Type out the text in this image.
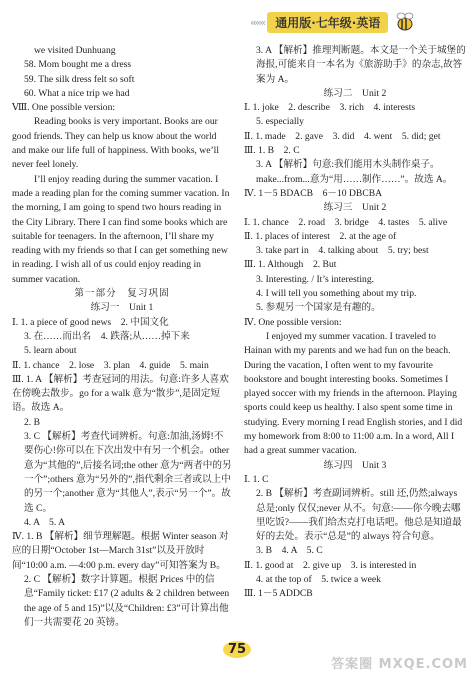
««« 通用版·七年级·英语
we visited Dunhuang
58. Mom bought me a dress
59. The silk dress felt so soft
60. What a nice trip we had
Ⅷ. One possible version:
Reading books is very important. Books are our good friends. They can help us know about the world and make our life full of happiness. With books, we’ll never feel lonely.
I’ll enjoy reading during the summer vacation. I made a reading plan for the coming summer vacation. In the morning, I am going to spend two hours reading in the City Library. There I can find some books which are suitable for teenagers. In the afternoon, I’ll share my reading with my friends so that I can get something new in reading. I wish all of us could enjoy reading in summer vacation.
第一部分　复习巩固
练习一　Unit 1
Ⅰ. 1. a piece of good news　2. 中国文化
3. 在……而出名　4. 跌落;从……掉下来
5. learn about
Ⅱ. 1. chance　2. lose　3. plan　4. guide　5. main
Ⅲ. 1. A 【解析】考查冠词的用法。句意:许多人喜欢在傍晚去散步。go for a walk 意为“散步”,是固定短语。故选 A。
2. B
3. C 【解析】考查代词辨析。句意:加油,汤姆!不要伤心!你可以在下次出发中有另一个机会。other 意为“其他的”,后接名词;the other 意为“两者中的另一个”;others 意为“另外的”,指代剩余三者或以上中的另一个;another 意为“其他人”,表示“另一个”。故选 C。
4. A　5. A
Ⅳ. 1. B 【解析】细节理解题。根据 Winter season 对应的日期“October 1st—March 31st”以及开放时间“10:00 a.m. —4:00 p.m. every day”可知答案为 B。
2. C 【解析】数字计算题。根据 Prices 中的信息“Family ticket: £17 (2 adults & 2 children between the age of 5 and 15)”以及“Children: £3”可计算出他们一共需要花 20 英镑。
3. A 【解析】推理判断题。本文是一个关于城堡的海报,可能来自一本名为《旅游助手》的杂志,故答案为 A。
练习二　Unit 2
Ⅰ. 1. joke　2. describe　3. rich　4. interests
5. especially
Ⅱ. 1. made　2. gave　3. did　4. went　5. did; get
Ⅲ. 1. B　2. C
3. A 【解析】句意:我们能用木头制作桌子。make...from...意为“用……制作……”。故选 A。
Ⅳ. 1－5 BDACB　6－10 DBCBA
练习三　Unit 2
Ⅰ. 1. chance　2. road　3. bridge　4. tastes　5. alive
Ⅱ. 1. places of interest　2. at the age of
3. take part in　4. talking about　5. try; best
Ⅲ. 1. Although　2. But
3. Interesting. / It’s interesting.
4. I will tell you something about my trip.
5. 参观另一个国家是有趣的。
Ⅳ. One possible version:
I enjoyed my summer vacation. I traveled to Hainan with my parents and we had fun on the beach. During the vacation, I often went to my favourite bookstore and bought interesting books. Sometimes I played soccer with my friends in the afternoon. Playing sports could keep us healthy. I also spent some time in studying. Every morning I read English stories, and I did my homework from 8:00 to 11:00 a.m. In a word, All I had a great summer vacation.
练习四　Unit 3
Ⅰ. 1. C
2. B 【解析】考查副词辨析。still 还,仍然;always 总是;only 仅仅;never 从不。句意:——你今晚去哪里吃饭?——我们给杰克打电话吧。他总是知道最好的去处。表示“总是”的 always 符合句意。
3. B　4. A　5. C
Ⅱ. 1. good at　2. give up　3. is interested in
4. at the top of　5. twice a week
Ⅲ. 1－5 ADDCB
75
答案圈 MXQE.COM
